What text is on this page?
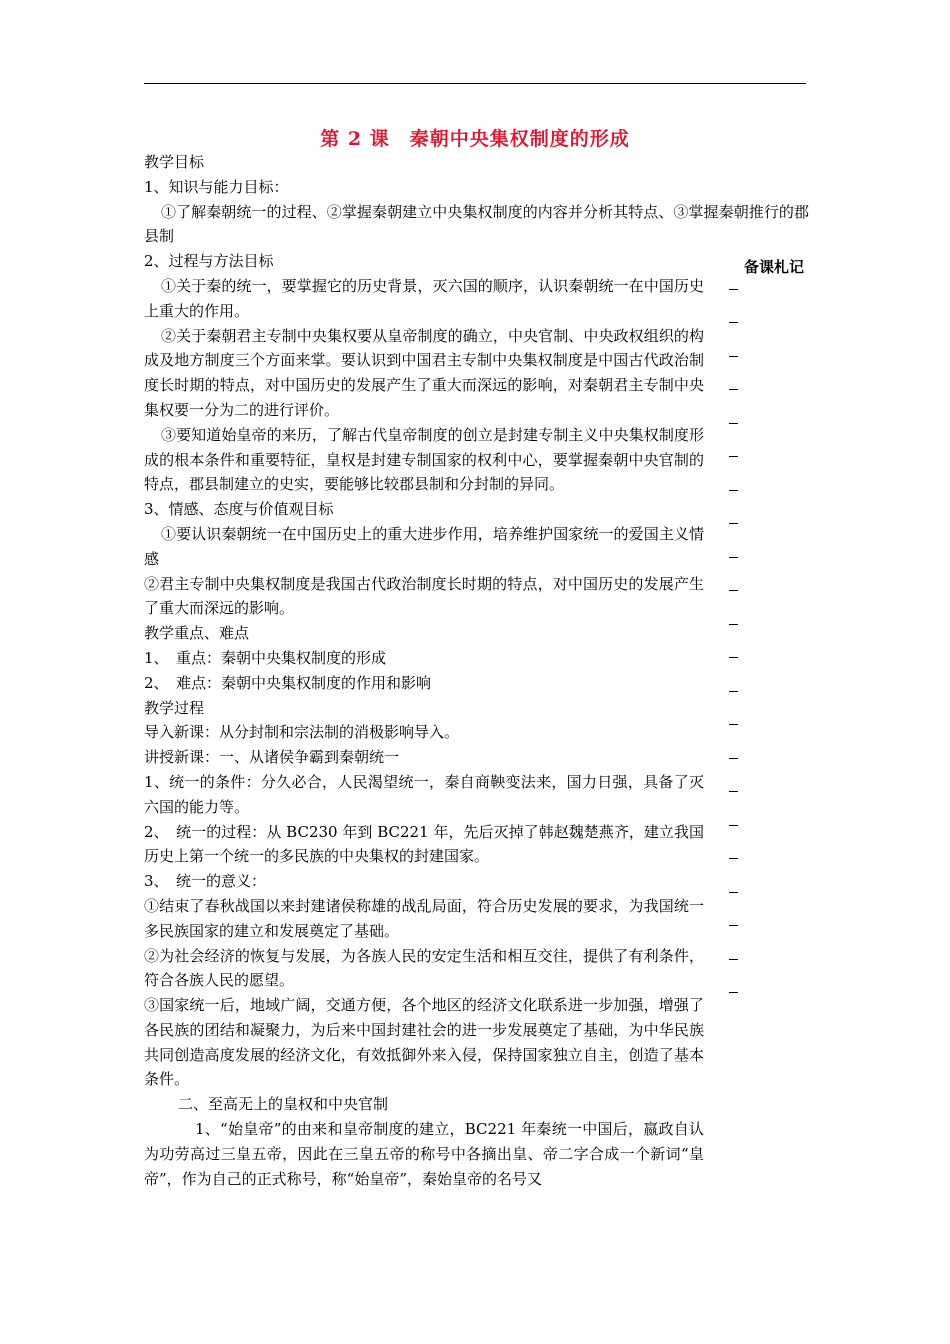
第 2 课　秦朝中央集权制度的形成

教学目标

1、知识与能力目标：

①了解秦朝统一的过程、②掌握秦朝建立中央集权制度的内容并分析其特点、③掌握秦朝推行的郡县制

2、过程与方法目标

①关于秦的统一，要掌握它的历史背景，灭六国的顺序，认识秦朝统一在中国历史上重大的作用。

②关于秦朝君主专制中央集权要从皇帝制度的确立，中央官制、中央政权组织的构成及地方制度三个方面来掌。要认识到中国君主专制中央集权制度是中国古代政治制度长时期的特点，对中国历史的发展产生了重大而深远的影响，对秦朝君主专制中央集权要一分为二的进行评价。

③要知道始皇帝的来历，了解古代皇帝制度的创立是封建专制主义中央集权制度形成的根本条件和重要特征，皇权是封建专制国家的权利中心，要掌握秦朝中央官制的特点，郡县制建立的史实，要能够比较郡县制和分封制的异同。

3、情感、态度与价值观目标

①要认识秦朝统一在中国历史上的重大进步作用，培养维护国家统一的爱国主义情感

②君主专制中央集权制度是我国古代政治制度长时期的特点，对中国历史的发展产生了重大而深远的影响。

教学重点、难点

1、　重点：秦朝中央集权制度的形成

2、　难点：秦朝中央集权制度的作用和影响

教学过程

导入新课：从分封制和宗法制的消极影响导入。

讲授新课：一、从诸侯争霸到秦朝统一

1、统一的条件：分久必合，人民渴望统一，秦自商鞅变法来，国力日强，具备了灭六国的能力等。

2、　统一的过程：从 BC230 年到 BC221 年，先后灭掉了韩赵魏楚燕齐，建立我国历史上第一个统一的多民族的中央集权的封建国家。

3、　统一的意义：

①结束了春秋战国以来封建诸侯称雄的战乱局面，符合历史发展的要求，为我国统一多民族国家的建立和发展奠定了基础。

②为社会经济的恢复与发展，为各族人民的安定生活和相互交往，提供了有利条件，符合各族人民的愿望。

③国家统一后，地域广阔，交通方便，各个地区的经济文化联系进一步加强，增强了各民族的团结和凝聚力，为后来中国封建社会的进一步发展奠定了基础，为中华民族共同创造高度发展的经济文化，有效抵御外来入侵，保持国家独立自主，创造了基本条件。

二、至高无上的皇权和中央官制

1、“始皇帝”的由来和皇帝制度的建立，BC221 年秦统一中国后，嬴政自认为功劳高过三皇五帝，因此在三皇五帝的称号中各摘出皇、帝二字合成一个新词“皇帝”，作为自己的正式称号，称“始皇帝”，秦始皇帝的名号又

备课札记
